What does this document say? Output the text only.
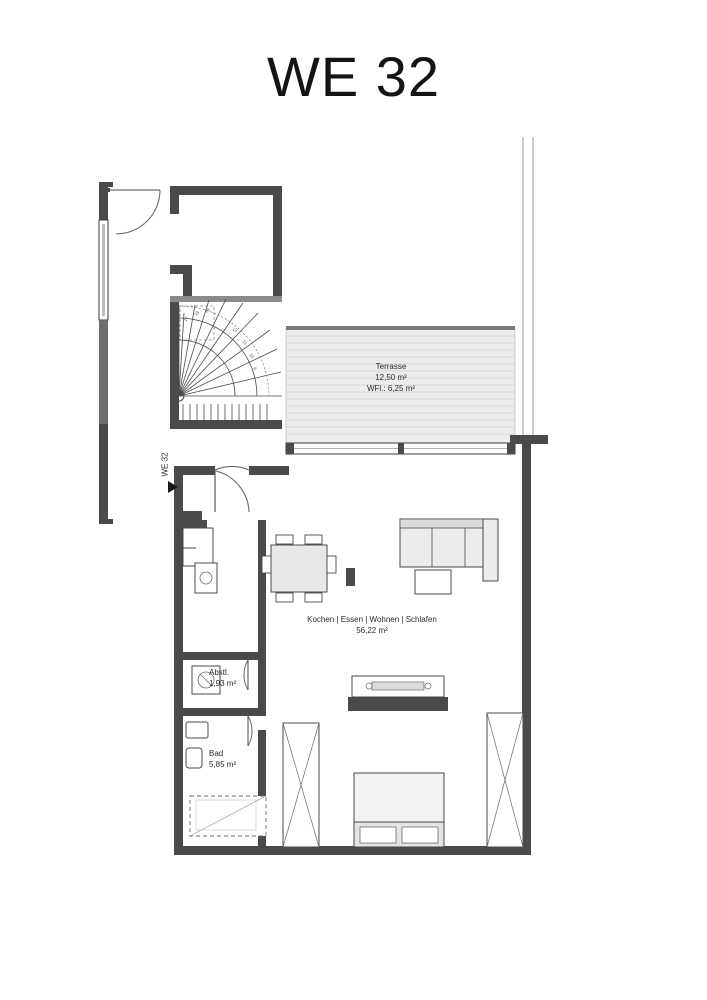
WE 32
17
16 15
12
11
10
9	Terrasse
12,50 m²
WFl.: 6,25 m²
Kochen | Essen | Wohnen | Schlafen
56,22 m²
Abstl.
1,93 m²
Bad
5,85 m²
WE 32
